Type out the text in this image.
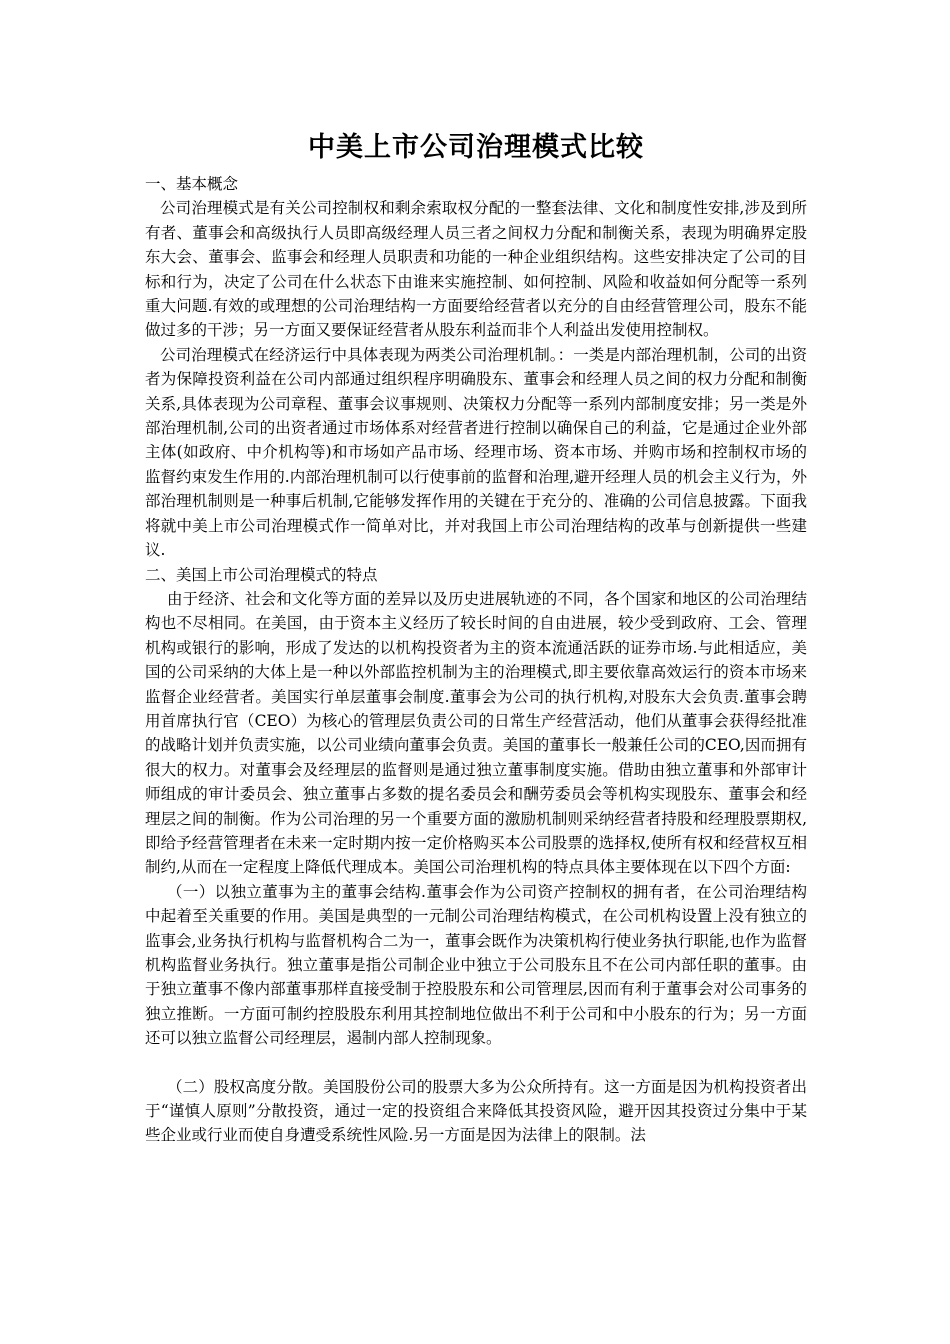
中美上市公司治理模式比较

一、基本概念

公司治理模式是有关公司控制权和剩余索取权分配的一整套法律、文化和制度性安排,涉及到所有者、董事会和高级执行人员即高级经理人员三者之间权力分配和制衡关系，表现为明确界定股东大会、董事会、监事会和经理人员职责和功能的一种企业组织结构。这些安排决定了公司的目标和行为，决定了公司在什么状态下由谁来实施控制、如何控制、风险和收益如何分配等一系列重大问题.有效的或理想的公司治理结构一方面要给经营者以充分的自由经营管理公司，股东不能做过多的干涉；另一方面又要保证经营者从股东利益而非个人利益出发使用控制权。

公司治理模式在经济运行中具体表现为两类公司治理机制。：一类是内部治理机制，公司的出资者为保障投资利益在公司内部通过组织程序明确股东、董事会和经理人员之间的权力分配和制衡关系,具体表现为公司章程、董事会议事规则、决策权力分配等一系列内部制度安排；另一类是外部治理机制,公司的出资者通过市场体系对经营者进行控制以确保自己的利益，它是通过企业外部主体(如政府、中介机构等)和市场如产品市场、经理市场、资本市场、并购市场和控制权市场的监督约束发生作用的.内部治理机制可以行使事前的监督和治理,避开经理人员的机会主义行为，外部治理机制则是一种事后机制,它能够发挥作用的关键在于充分的、准确的公司信息披露。下面我将就中美上市公司治理模式作一简单对比，并对我国上市公司治理结构的改革与创新提供一些建议.

二、美国上市公司治理模式的特点

由于经济、社会和文化等方面的差异以及历史进展轨迹的不同，各个国家和地区的公司治理结构也不尽相同。在美国，由于资本主义经历了较长时间的自由进展，较少受到政府、工会、管理机构或银行的影响，形成了发达的以机构投资者为主的资本流通活跃的证券市场.与此相适应，美国的公司采纳的大体上是一种以外部监控机制为主的治理模式,即主要依靠高效运行的资本市场来监督企业经营者。美国实行单层董事会制度.董事会为公司的执行机构,对股东大会负责.董事会聘用首席执行官（CEO）为核心的管理层负责公司的日常生产经营活动，他们从董事会获得经批准的战略计划并负责实施，以公司业绩向董事会负责。美国的董事长一般兼任公司的CEO,因而拥有很大的权力。对董事会及经理层的监督则是通过独立董事制度实施。借助由独立董事和外部审计师组成的审计委员会、独立董事占多数的提名委员会和酬劳委员会等机构实现股东、董事会和经理层之间的制衡。作为公司治理的另一个重要方面的激励机制则采纳经营者持股和经理股票期权,即给予经营管理者在未来一定时期内按一定价格购买本公司股票的选择权,使所有权和经营权互相制约,从而在一定程度上降低代理成本。美国公司治理机构的特点具体主要体现在以下四个方面:

（一）以独立董事为主的董事会结构.董事会作为公司资产控制权的拥有者，在公司治理结构中起着至关重要的作用。美国是典型的一元制公司治理结构模式，在公司机构设置上没有独立的监事会,业务执行机构与监督机构合二为一，董事会既作为决策机构行使业务执行职能,也作为监督机构监督业务执行。独立董事是指公司制企业中独立于公司股东且不在公司内部任职的董事。由于独立董事不像内部董事那样直接受制于控股股东和公司管理层,因而有利于董事会对公司事务的独立推断。一方面可制约控股股东利用其控制地位做出不利于公司和中小股东的行为；另一方面还可以独立监督公司经理层，遏制内部人控制现象。

（二）股权高度分散。美国股份公司的股票大多为公众所持有。这一方面是因为机构投资者出于“谨慎人原则”分散投资，通过一定的投资组合来降低其投资风险，避开因其投资过分集中于某些企业或行业而使自身遭受系统性风险.另一方面是因为法律上的限制。法
